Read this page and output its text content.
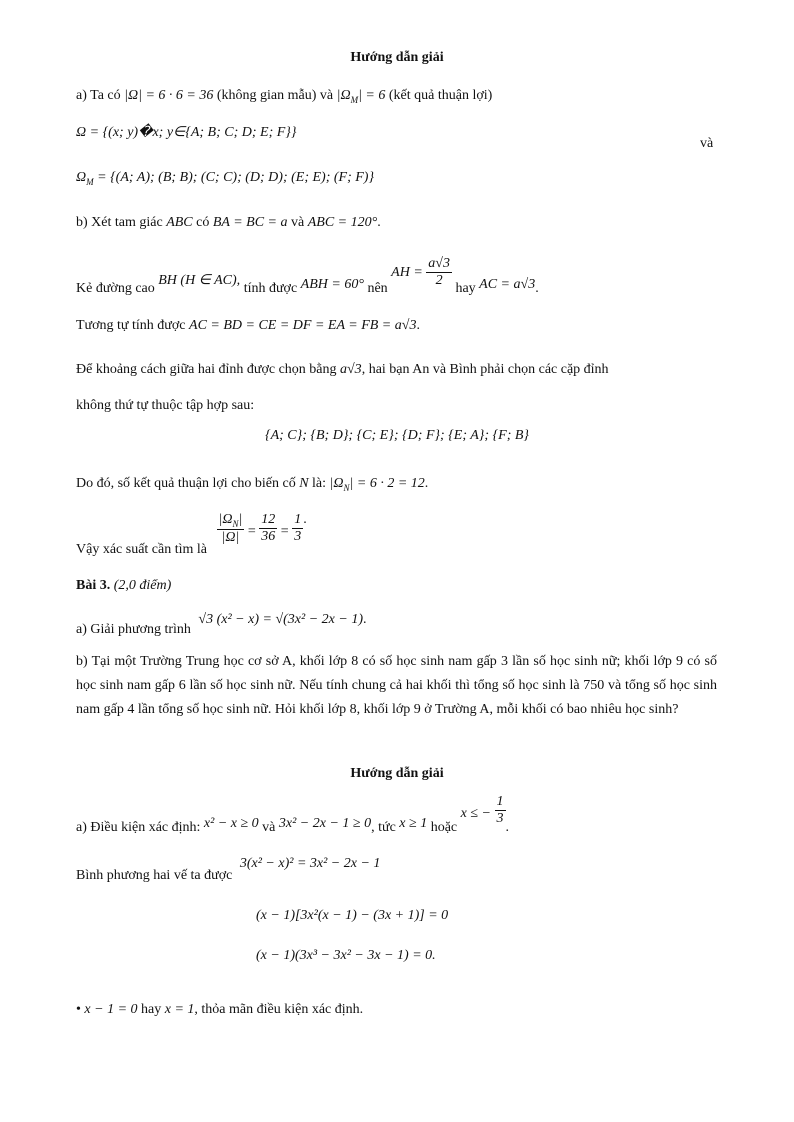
Hướng dẫn giải
a) Ta có |Ω| = 6 · 6 = 36 (không gian mẫu) và $|\Omega_M| = 6$ (kết quả thuận lợi)
Ω = {(x; y)�x; y∈{A; B; C; D; E; F}}
và
$\Omega_M = \{(A$; A); (B; B); (C; C); (D; D); (E; E); (F; F)}
b) Xét tam giác ABC có BA = BC = a và ABC = 120°.
Kẻ đường cao BH (H ∈ AC), tính được ABH = 60° nên AH = $\frac{a√3}{2}$ hay AC = a√3.
Tương tự tính được AC = BD = CE = DF = EA = FB = a√3.
Để khoảng cách giữa hai đỉnh được chọn bằng a√3, hai bạn An và Bình phải chọn các cặp đỉnh
không thứ tự thuộc tập hợp sau:
{A; C}; {B; D}; {C; E}; {D; F}; {E; A}; {F; B}
Do đó, số kết quả thuận lợi cho biến cố N là: $|\Omega_N| = 6 \cdot 2 = 12$.
Vậy xác suất cần tìm là
$\frac{|\Omega_N|}{|\Omega|} = \frac{12}{36} = \frac{1}{3}$ .
Bài 3. (2,0 điểm)
a) Giải phương trình √3 (x² − x) = √(3x² − 2x − 1).
b) Tại một Trường Trung học cơ sở A, khối lớp 8 có số học sinh nam gấp 3 lần số học sinh nữ; khối lớp 9 có số học sinh nam gấp 6 lần số học sinh nữ. Nếu tính chung cả hai khối thì tổng số học sinh là 750 và tổng số học sinh nam gấp 4 lần tổng số học sinh nữ. Hỏi khối lớp 8, khối lớp 9 ở Trường A, mỗi khối có bao nhiêu học sinh?
Hướng dẫn giải
a) Điều kiện xác định: x² − x ≥ 0 và 3x² − 2x − 1 ≥ 0, tức x ≥ 1 hoặc x ≤ − $\frac{1}{3}$
.
Bình phương hai vế ta được 3(x² − x)² = 3x² − 2x − 1
(x − 1)[3x²(x − 1) − (3x + 1)] = 0
(x − 1)(3x³ − 3x² − 3x − 1) = 0.
• x − 1 = 0 hay x = 1, thỏa mãn điều kiện xác định.
